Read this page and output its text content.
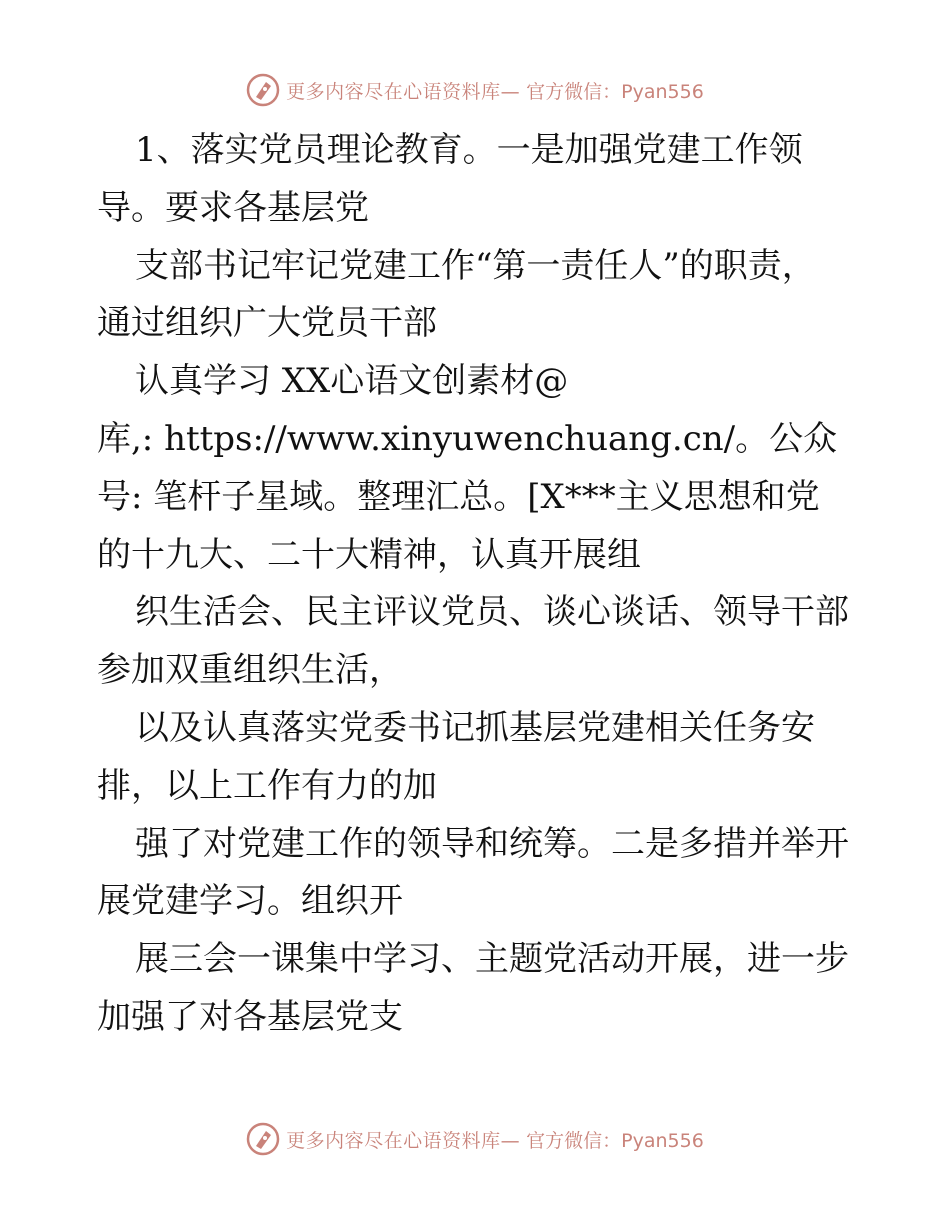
更多内容尽在心语资料库— 官方微信：Pyan556
1、落实党员理论教育。一是加强党建工作领
导。要求各基层党
支部书记牢记党建工作“第一责任人”的职责，
通过组织广大党员干部
认真学习 XX心语文创素材@
库,: https://www.xinyuwenchuang.cn/。公众
号: 笔杆子星域。整理汇总。[X***主义思想和党
的十九大、二十大精神，认真开展组
织生活会、民主评议党员、谈心谈话、领导干部
参加双重组织生活，
以及认真落实党委书记抓基层党建相关任务安
排，以上工作有力的加
强了对党建工作的领导和统筹。二是多措并举开
展党建学习。组织开
展三会一课集中学习、主题党活动开展，进一步
加强了对各基层党支
更多内容尽在心语资料库— 官方微信：Pyan556
